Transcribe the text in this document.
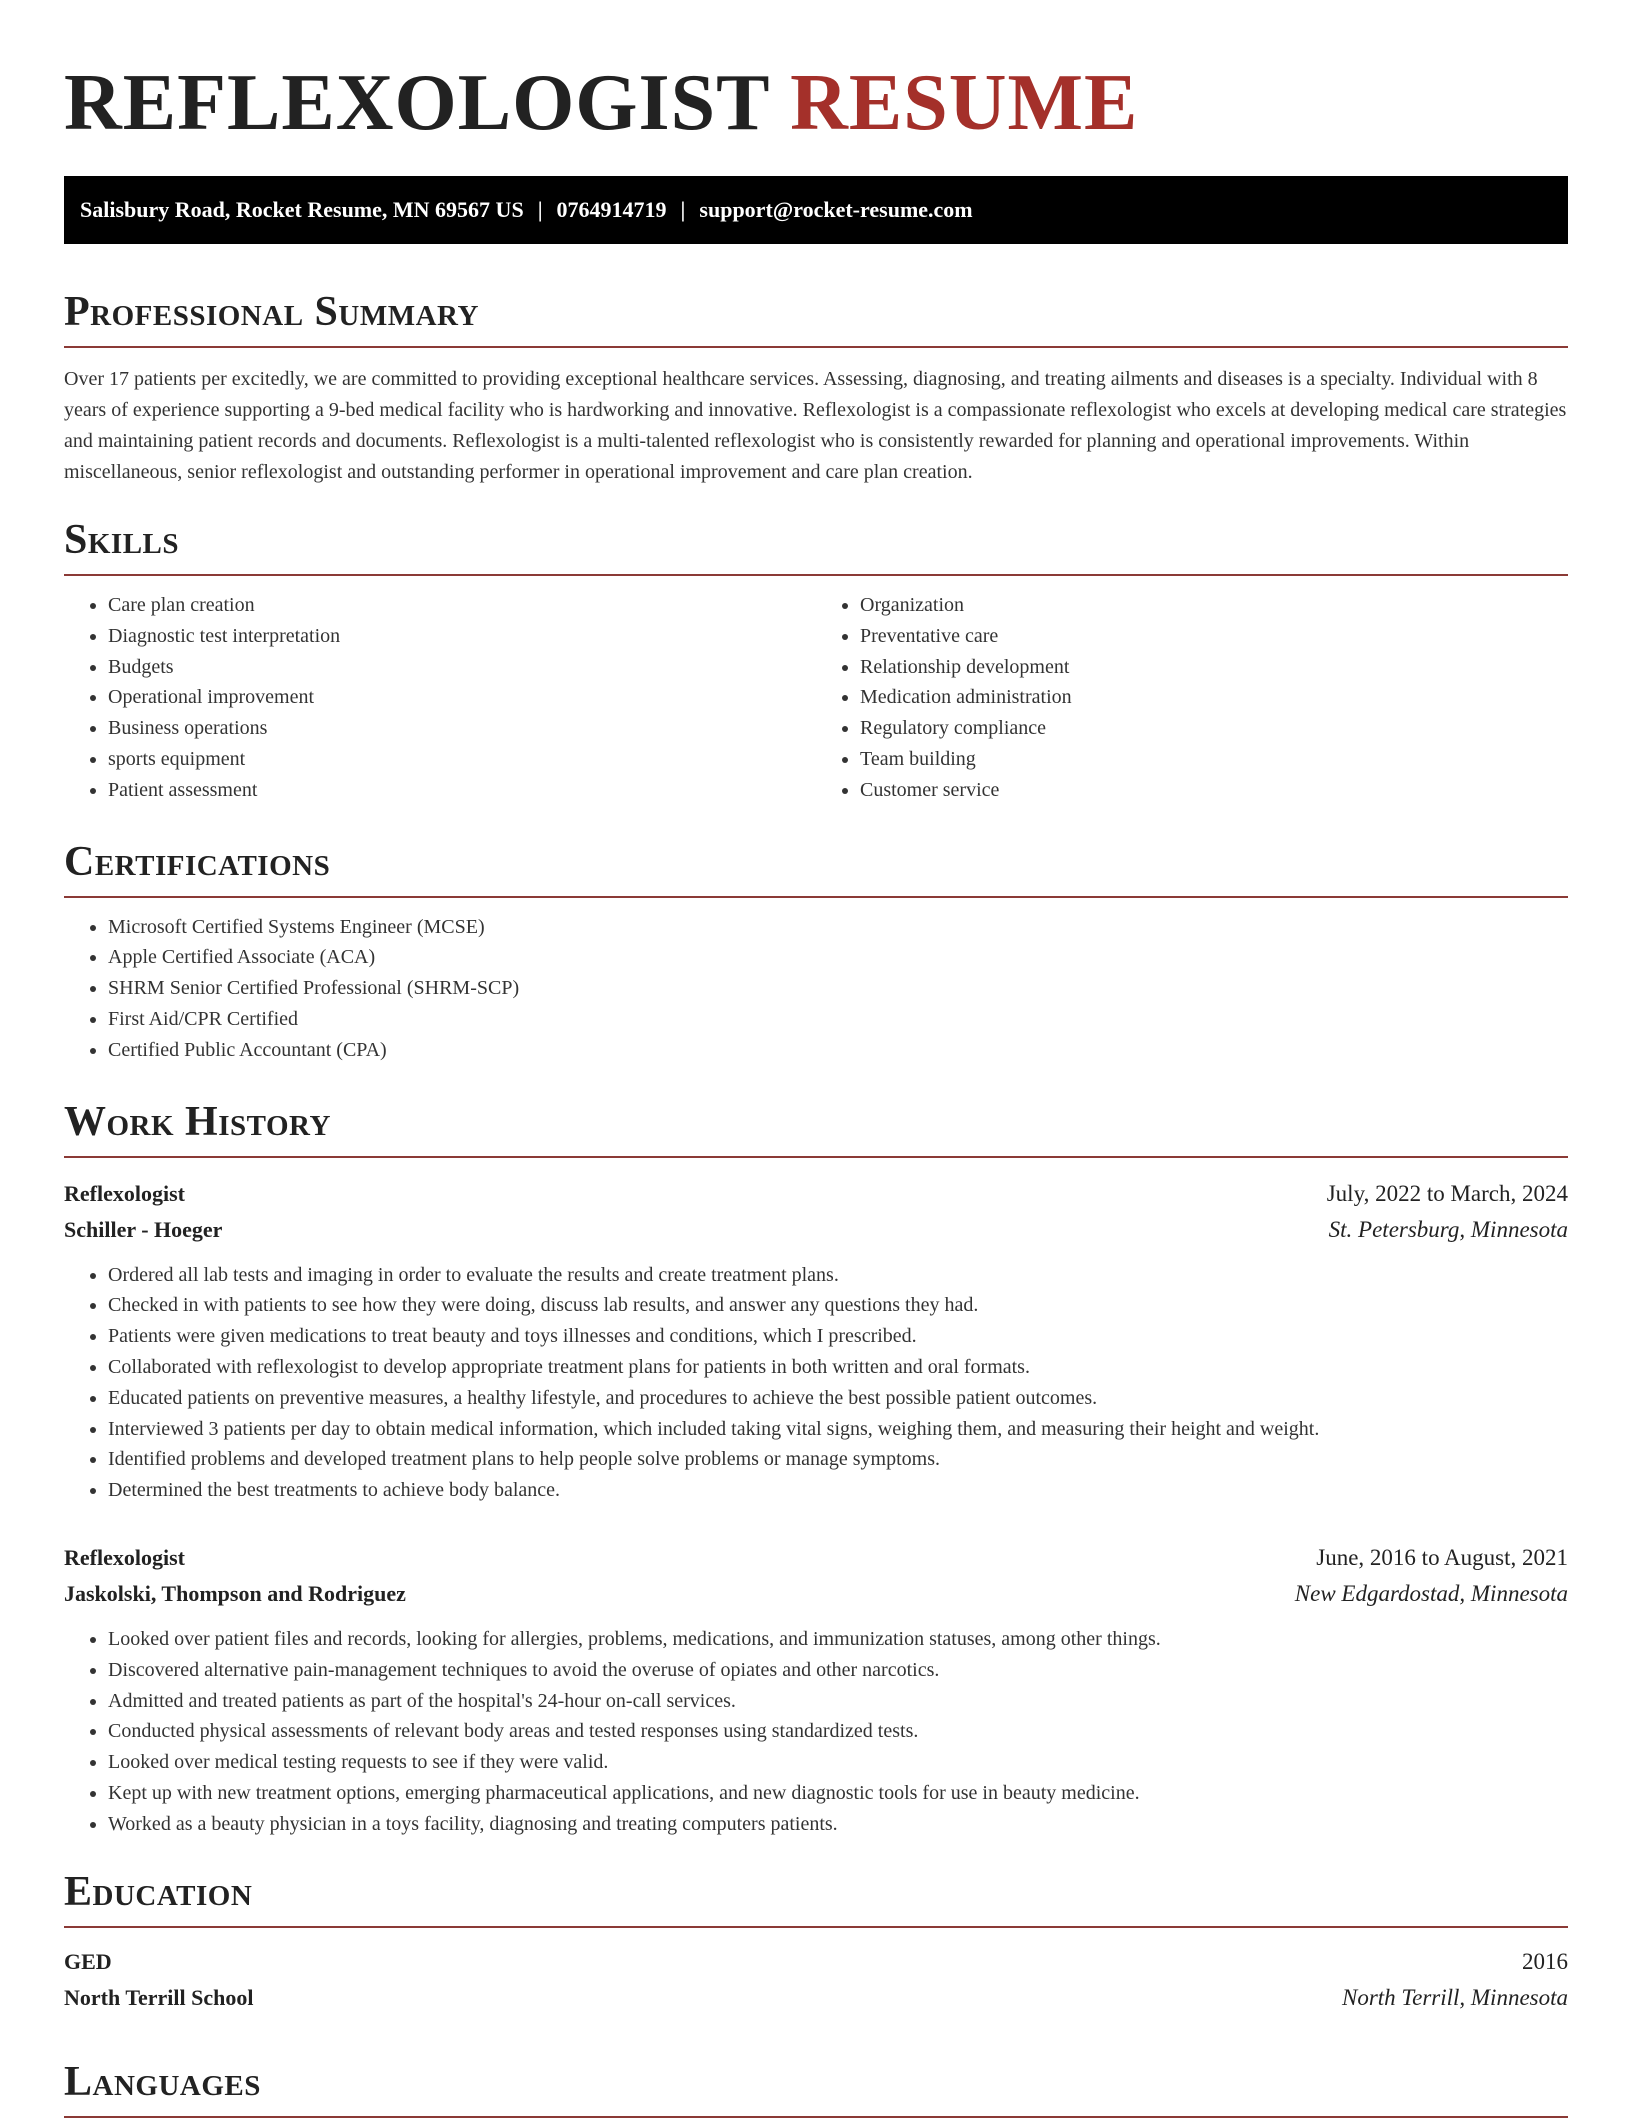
REFLEXOLOGIST RESUME
Salisbury Road, Rocket Resume, MN 69567 US | 0764914719 | support@rocket-resume.com
Professional Summary

Over 17 patients per excitedly, we are committed to providing exceptional healthcare services. Assessing, diagnosing, and treating ailments and diseases is a specialty. Individual with 8 years of experience supporting a 9-bed medical facility who is hardworking and innovative. Reflexologist is a compassionate reflexologist who excels at developing medical care strategies and maintaining patient records and documents. Reflexologist is a multi-talented reflexologist who is consistently rewarded for planning and operational improvements. Within miscellaneous, senior reflexologist and outstanding performer in operational improvement and care plan creation.

Skills
• Care plan creation
• Diagnostic test interpretation
• Budgets
• Operational improvement
• Business operations
• sports equipment
• Patient assessment
• Organization
• Preventative care
• Relationship development
• Medication administration
• Regulatory compliance
• Team building
• Customer service
Certifications
• Microsoft Certified Systems Engineer (MCSE)
• Apple Certified Associate (ACA)
• SHRM Senior Certified Professional (SHRM-SCP)
• First Aid/CPR Certified
• Certified Public Accountant (CPA)
Work History
Reflexologist	July, 2022 to March, 2024
Schiller - Hoeger	St. Petersburg, Minnesota
• Ordered all lab tests and imaging in order to evaluate the results and create treatment plans.
• Checked in with patients to see how they were doing, discuss lab results, and answer any questions they had.
• Patients were given medications to treat beauty and toys illnesses and conditions, which I prescribed.
• Collaborated with reflexologist to develop appropriate treatment plans for patients in both written and oral formats.
• Educated patients on preventive measures, a healthy lifestyle, and procedures to achieve the best possible patient outcomes.
• Interviewed 3 patients per day to obtain medical information, which included taking vital signs, weighing them, and measuring their height and weight.
• Identified problems and developed treatment plans to help people solve problems or manage symptoms.
• Determined the best treatments to achieve body balance.
Reflexologist	June, 2016 to August, 2021
Jaskolski, Thompson and Rodriguez	New Edgardostad, Minnesota
• Looked over patient files and records, looking for allergies, problems, medications, and immunization statuses, among other things.
• Discovered alternative pain-management techniques to avoid the overuse of opiates and other narcotics.
• Admitted and treated patients as part of the hospital's 24-hour on-call services.
• Conducted physical assessments of relevant body areas and tested responses using standardized tests.
• Looked over medical testing requests to see if they were valid.
• Kept up with new treatment options, emerging pharmaceutical applications, and new diagnostic tools for use in beauty medicine.
• Worked as a beauty physician in a toys facility, diagnosing and treating computers patients.
Education
GED	2016
North Terrill School	North Terrill, Minnesota
Languages
